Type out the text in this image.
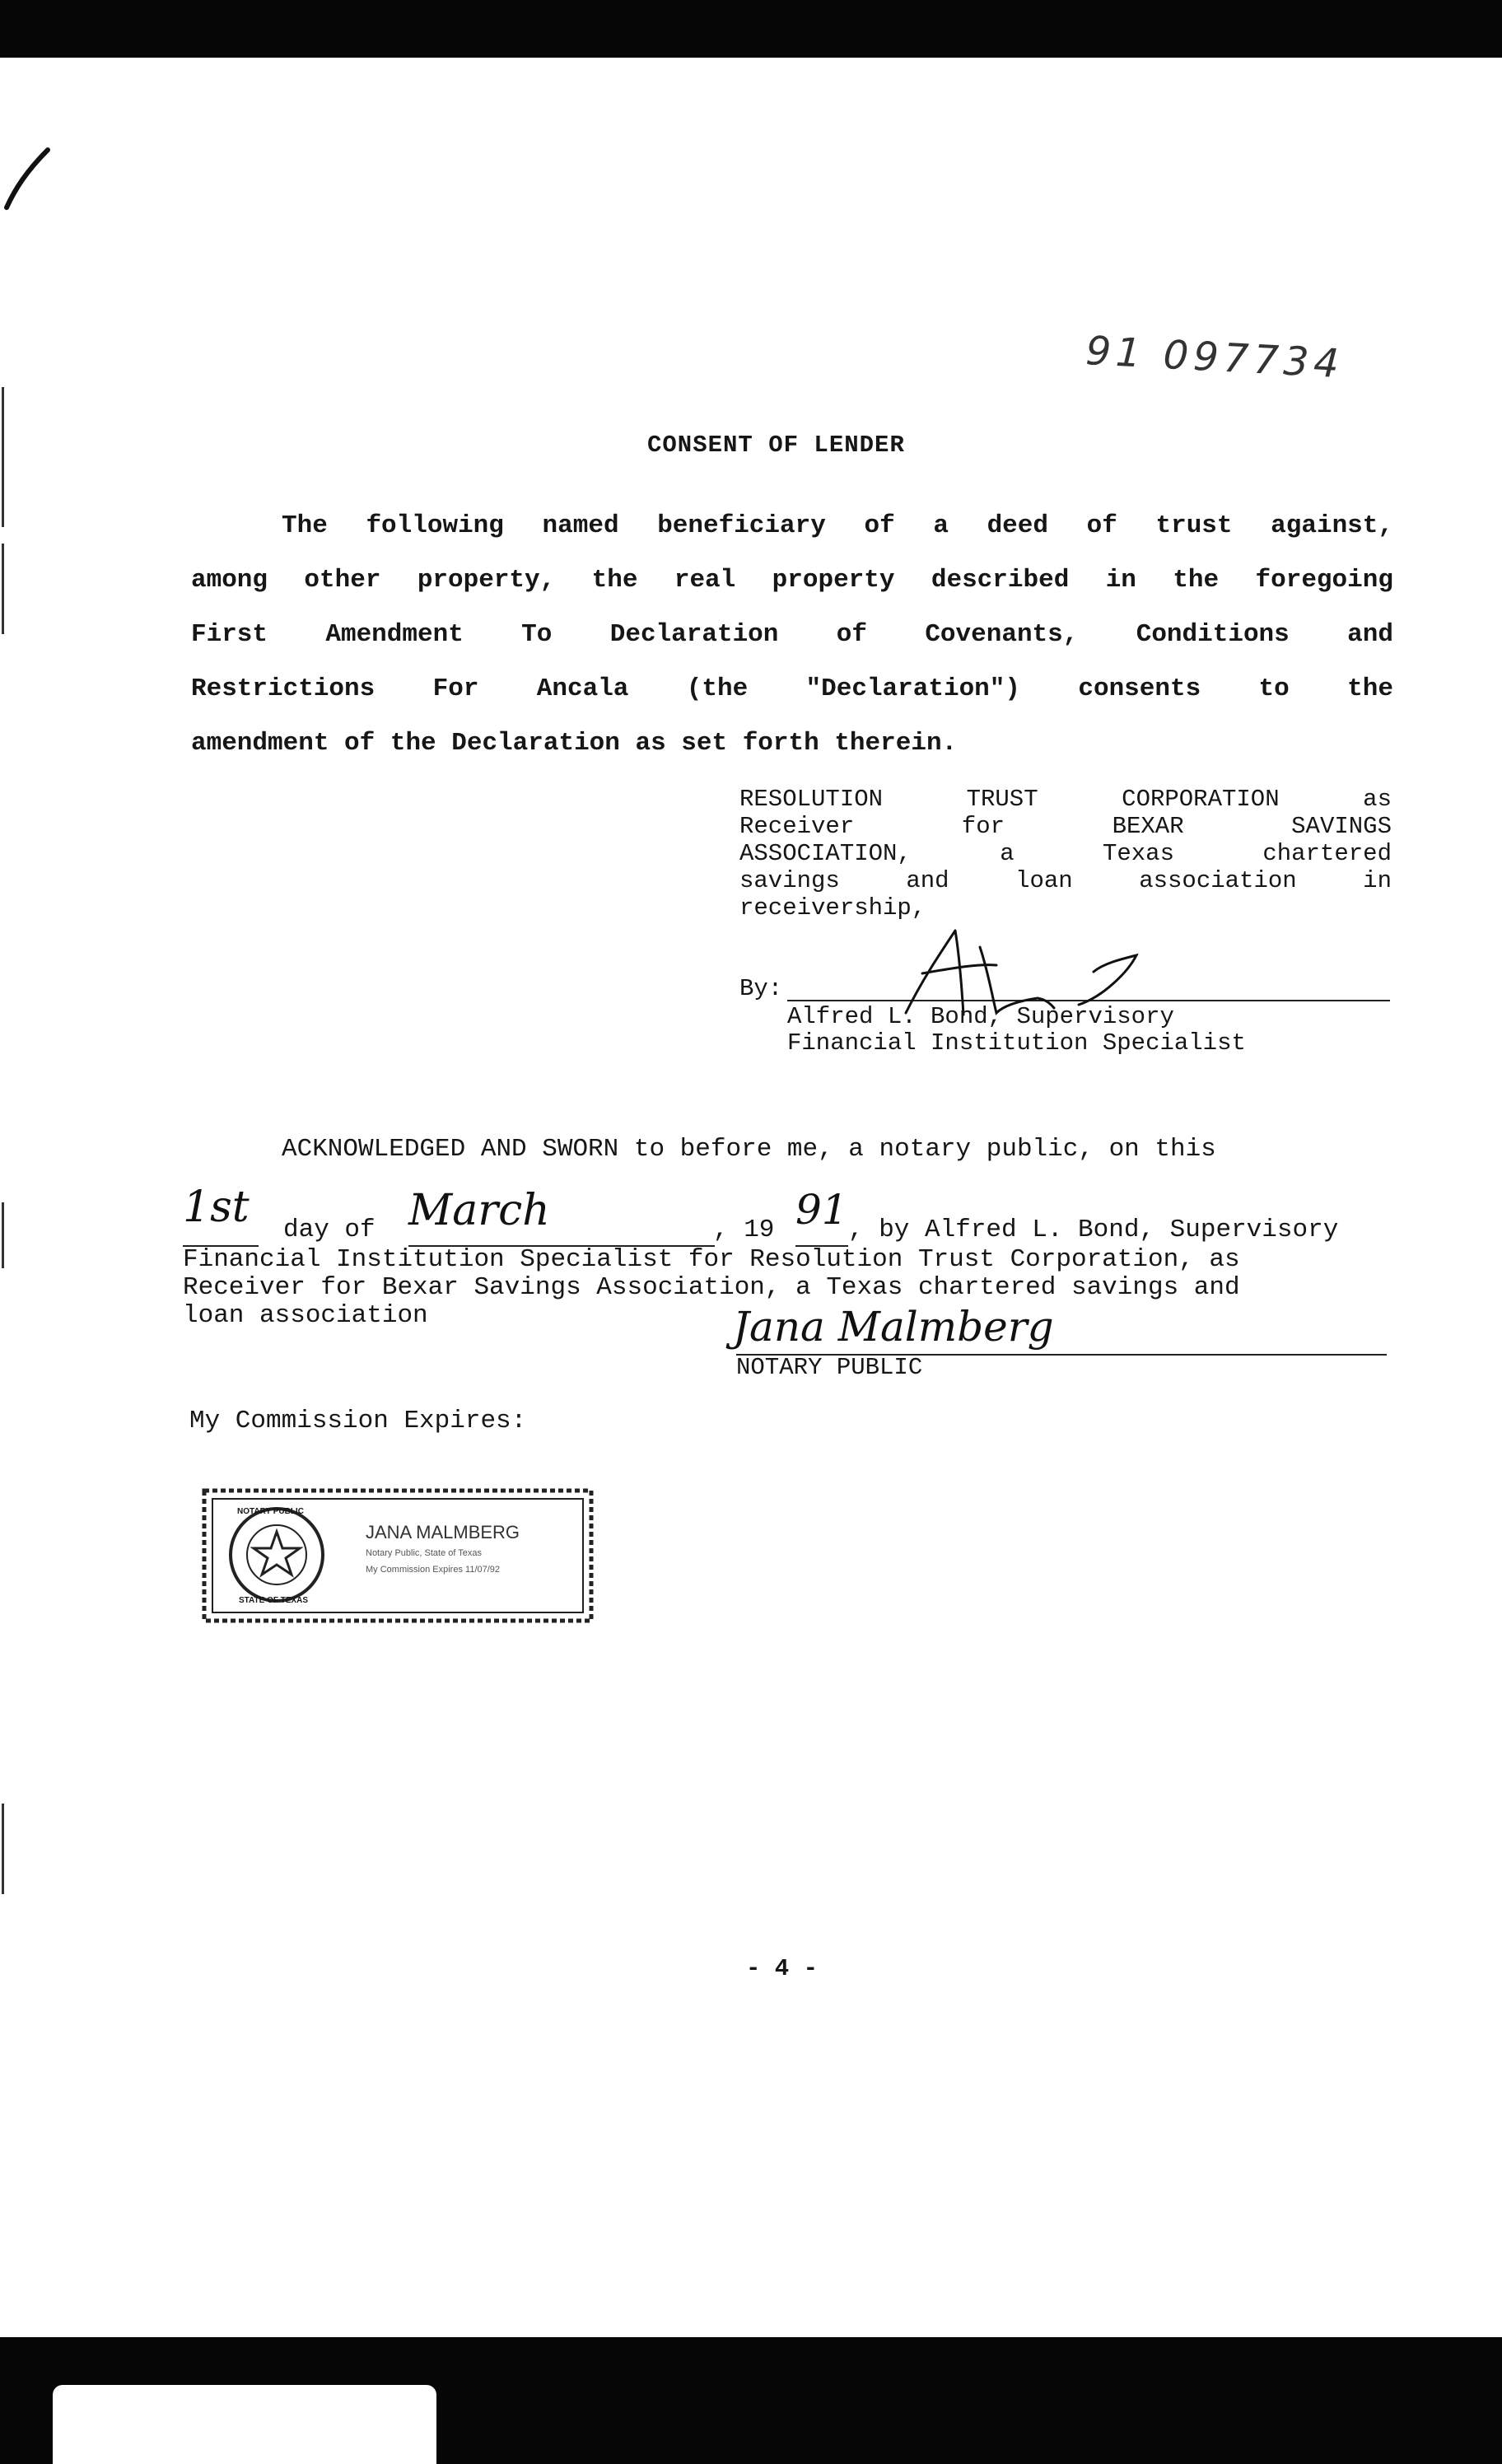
91 097734
CONSENT OF LENDER
The following named beneficiary of a deed of trust against,
among other property, the real property described in the foregoing
First Amendment To Declaration of Covenants, Conditions and
Restrictions For Ancala (the "Declaration") consents to the
amendment of the Declaration as set forth therein.
RESOLUTION	TRUST	CORPORATION	as
Receiver	for	BEXAR	SAVINGS
ASSOCIATION,	a	Texas	chartered
savings	and	loan	association	in
receivership,
By:
Alfred L. Bond, Supervisory
Financial Institution Specialist
ACKNOWLEDGED AND SWORN to before me, a notary public, on this
1st day of March	, 19 91 , by Alfred L. Bond, Supervisory
Financial Institution Specialist for Resolution Trust Corporation, as
Receiver for Bexar Savings Association, a Texas chartered savings and
loan association	Jana Malmberg
NOTARY PUBLIC
My Commission Expires:
NOTARY PUBLIC
STATE OF TEXAS
JANA MALMBERG
Notary Public, State of Texas
My Commission Expires 11/07/92
- 4 -
